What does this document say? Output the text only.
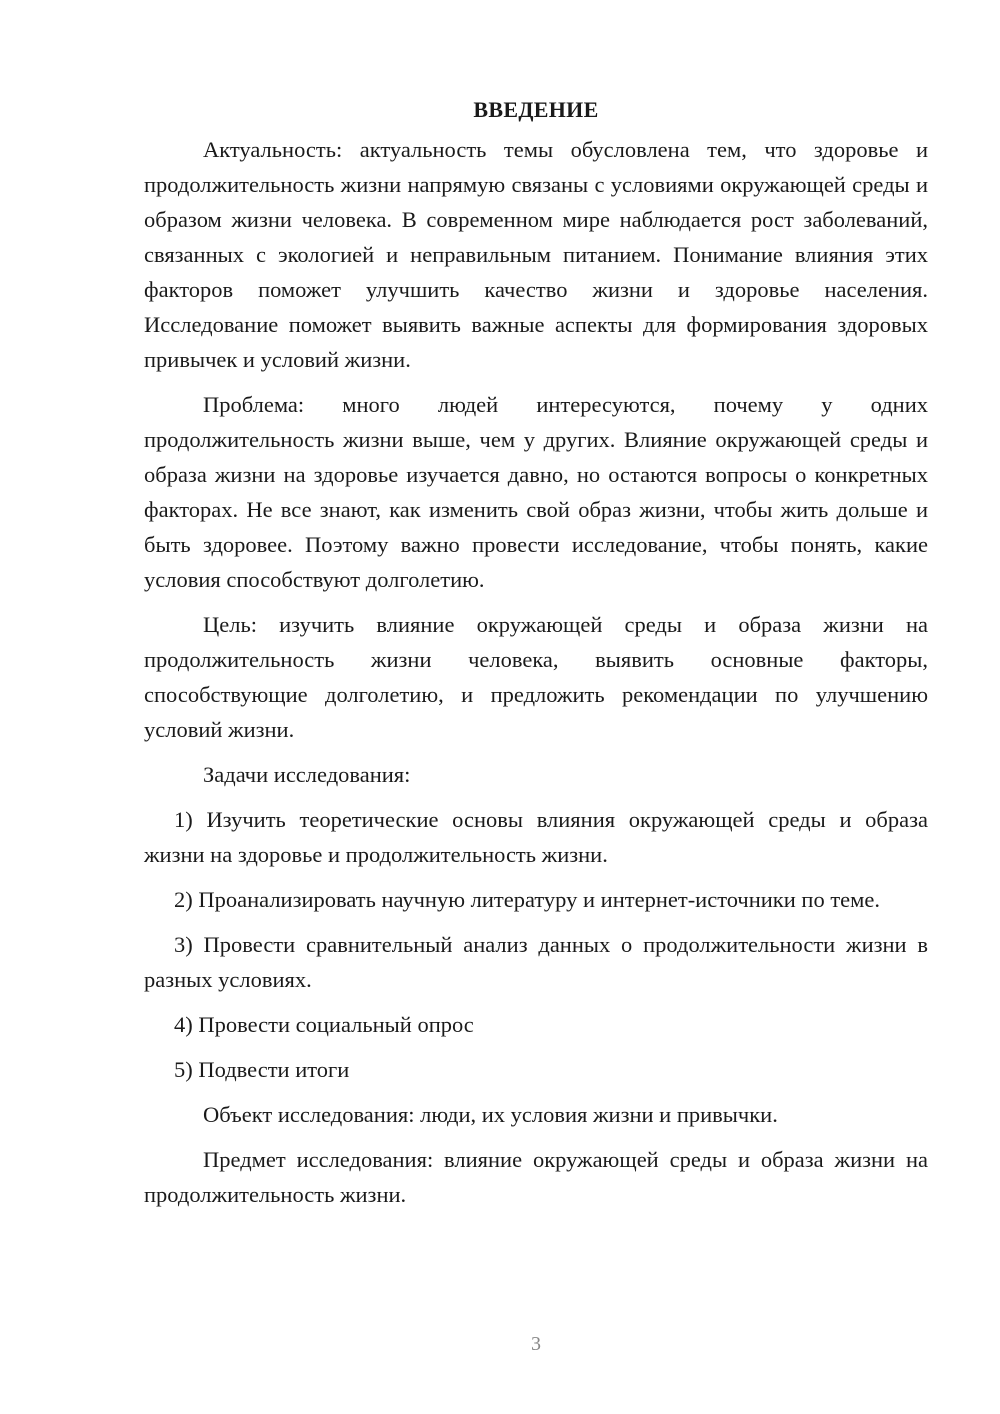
ВВЕДЕНИЕ

Актуальность: актуальность темы обусловлена тем, что здоровье и продолжительность жизни напрямую связаны с условиями окружающей среды и образом жизни человека. В современном мире наблюдается рост заболеваний, связанных с экологией и неправильным питанием. Понимание влияния этих факторов поможет улучшить качество жизни и здоровье населения. Исследование поможет выявить важные аспекты для формирования здоровых привычек и условий жизни.

Проблема: много людей интересуются, почему у одних продолжительность жизни выше, чем у других. Влияние окружающей среды и образа жизни на здоровье изучается давно, но остаются вопросы о конкретных факторах. Не все знают, как изменить свой образ жизни, чтобы жить дольше и быть здоровее. Поэтому важно провести исследование, чтобы понять, какие условия способствуют долголетию.

Цель: изучить влияние окружающей среды и образа жизни на продолжительность жизни человека, выявить основные факторы, способствующие долголетию, и предложить рекомендации по улучшению условий жизни.

Задачи исследования:

1) Изучить теоретические основы влияния окружающей среды и образа жизни на здоровье и продолжительность жизни.

2) Проанализировать научную литературу и интернет-источники по теме.

3) Провести сравнительный анализ данных о продолжительности жизни в разных условиях.

4) Провести социальный опрос

5) Подвести итоги

Объект исследования: люди, их условия жизни и привычки.

Предмет исследования: влияние окружающей среды и образа жизни на продолжительность жизни.

3
